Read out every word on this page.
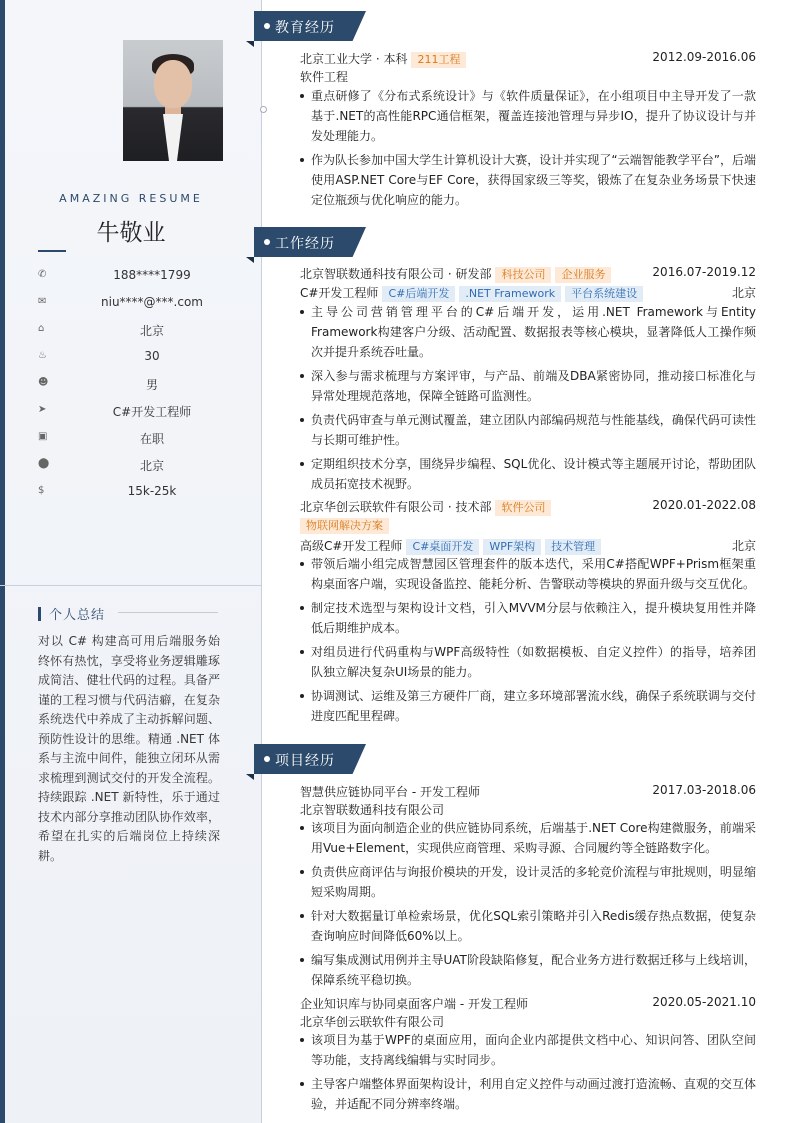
AMAZING RESUME
牛敬业
✆	188****1799
✉	niu****@***.com
⌂	北京
♨	30
☻	男
➤	C#开发工程师
▣	在职
⬤	北京
$	15k-25k
个人总结
对以 C# 构建高可用后端服务始终怀有热忱，享受将业务逻辑雕琢成简洁、健壮代码的过程。具备严谨的工程习惯与代码洁癖，在复杂系统迭代中养成了主动拆解问题、预防性设计的思维。精通 .NET 体系与主流中间件，能独立闭环从需求梳理到测试交付的开发全流程。持续跟踪 .NET 新特性，乐于通过技术内部分享推动团队协作效率，希望在扎实的后端岗位上持续深耕。
教育经历
北京工业大学 · 本科 211工程	2012.09-2016.06
软件工程
重点研修了《分布式系统设计》与《软件质量保证》，在小组项目中主导开发了一款基于.NET的高性能RPC通信框架，覆盖连接池管理与异步IO，提升了协议设计与并发处理能力。
作为队长参加中国大学生计算机设计大赛，设计并实现了“云端智能教学平台”，后端使用ASP.NET Core与EF Core，获得国家级三等奖，锻炼了在复杂业务场景下快速定位瓶颈与优化响应的能力。
工作经历
北京智联数通科技有限公司 · 研发部 科技公司 企业服务	2016.07-2019.12
C#开发工程师 C#后端开发 .NET Framework 平台系统建设	北京
主导公司营销管理平台的C#后端开发，运用.NET Framework与Entity Framework构建客户分级、活动配置、数据报表等核心模块，显著降低人工操作频次并提升系统吞吐量。
深入参与需求梳理与方案评审，与产品、前端及DBA紧密协同，推动接口标准化与异常处理规范落地，保障全链路可监测性。
负责代码审查与单元测试覆盖，建立团队内部编码规范与性能基线，确保代码可读性与长期可维护性。
定期组织技术分享，围绕异步编程、SQL优化、设计模式等主题展开讨论，帮助团队成员拓宽技术视野。
北京华创云联软件有限公司 · 技术部 软件公司	2020.01-2022.08
物联网解决方案
高级C#开发工程师 C#桌面开发 WPF架构 技术管理	北京
带领后端小组完成智慧园区管理套件的版本迭代，采用C#搭配WPF+Prism框架重构桌面客户端，实现设备监控、能耗分析、告警联动等模块的界面升级与交互优化。
制定技术选型与架构设计文档，引入MVVM分层与依赖注入，提升模块复用性并降低后期维护成本。
对组员进行代码重构与WPF高级特性（如数据模板、自定义控件）的指导，培养团队独立解决复杂UI场景的能力。
协调测试、运维及第三方硬件厂商，建立多环境部署流水线，确保子系统联调与交付进度匹配里程碑。
项目经历
智慧供应链协同平台 - 开发工程师	2017.03-2018.06
北京智联数通科技有限公司
该项目为面向制造企业的供应链协同系统，后端基于.NET Core构建微服务，前端采用Vue+Element，实现供应商管理、采购寻源、合同履约等全链路数字化。
负责供应商评估与询报价模块的开发，设计灵活的多轮竞价流程与审批规则，明显缩短采购周期。
针对大数据量订单检索场景，优化SQL索引策略并引入Redis缓存热点数据，使复杂查询响应时间降低60%以上。
编写集成测试用例并主导UAT阶段缺陷修复，配合业务方进行数据迁移与上线培训，保障系统平稳切换。
企业知识库与协同桌面客户端 - 开发工程师	2020.05-2021.10
北京华创云联软件有限公司
该项目为基于WPF的桌面应用，面向企业内部提供文档中心、知识问答、团队空间等功能，支持离线编辑与实时同步。
主导客户端整体界面架构设计，利用自定义控件与动画过渡打造流畅、直观的交互体验，并适配不同分辨率终端。
